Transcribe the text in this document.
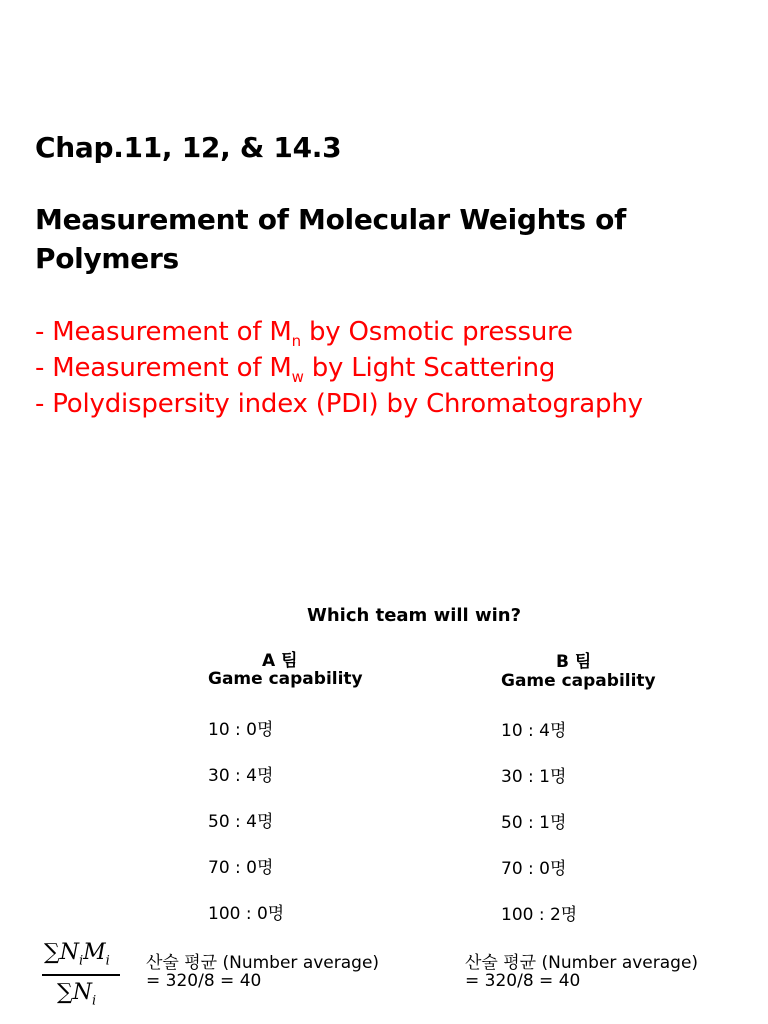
Chap.11, 12, & 14.3
Measurement of Molecular Weights of
Polymers
- Measurement of $M_n$ by Osmotic pressure
- Measurement of $M_w$ by Light Scattering
- Polydispersity index (PDI) by Chromatography
Which team will win?
A 팀
Game capability
10 : 0명
30 : 4명
50 : 4명
70 : 0명
100 : 0명
산술 평균 (Number average)
= 320/8 = 40
B 팀
Game capability
10 : 4명
30 : 1명
50 : 1명
70 : 0명
100 : 2명
산술 평균 (Number average)
= 320/8 = 40
$\sum N_iM_i$
$\sum N_i$
